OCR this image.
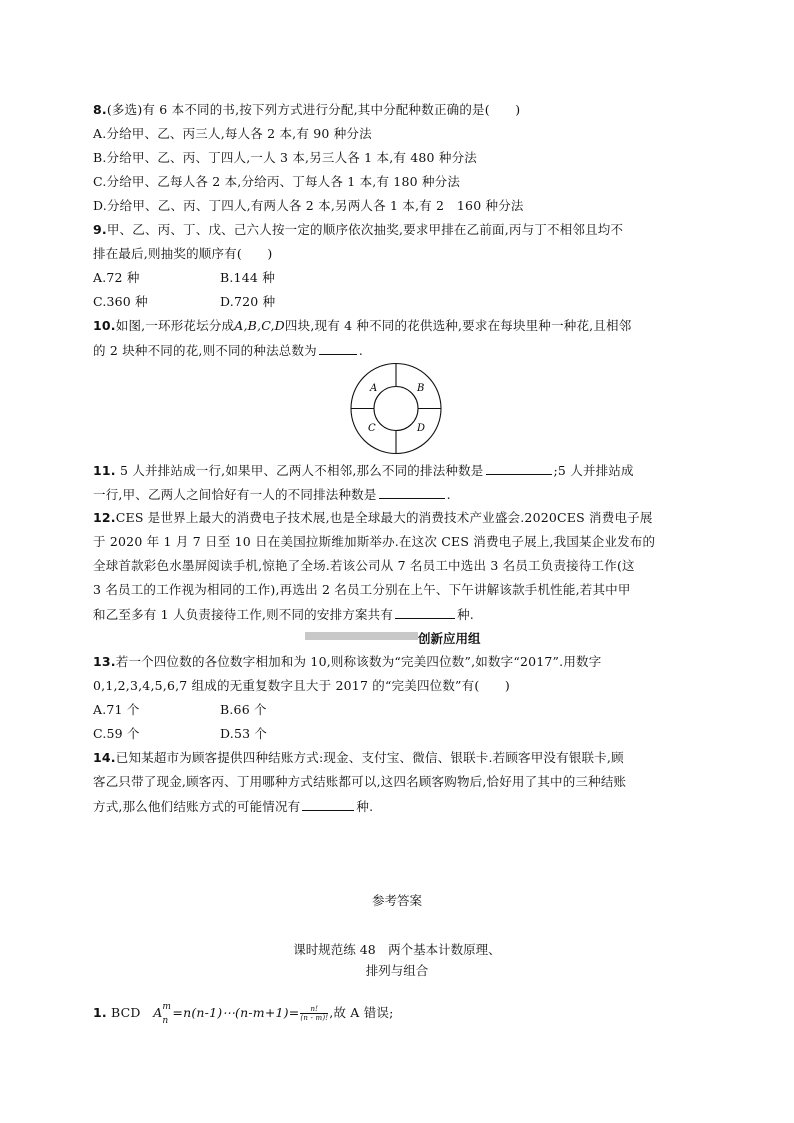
8.(多选)有 6 本不同的书,按下列方式进行分配,其中分配种数正确的是(　　)
A.分给甲、乙、丙三人,每人各 2 本,有 90 种分法
B.分给甲、乙、丙、丁四人,一人 3 本,另三人各 1 本,有 480 种分法
C.分给甲、乙每人各 2 本,分给丙、丁每人各 1 本,有 180 种分法
D.分给甲、乙、丙、丁四人,有两人各 2 本,另两人各 1 本,有 2　160 种分法
9.甲、乙、丙、丁、戊、己六人按一定的顺序依次抽奖,要求甲排在乙前面,丙与丁不相邻且均不
排在最后,则抽奖的顺序有(　　)
A.72 种	B.144 种
C.360 种	D.720 种
10.如图,一环形花坛分成A,B,C,D四块,现有 4 种不同的花供选种,要求在每块里种一种花,且相邻
的 2 块种不同的花,则不同的种法总数为	.
A	B
C	D
11. 5 人并排站成一行,如果甲、乙两人不相邻,那么不同的排法种数是	;5 人并排站成
一行,甲、乙两人之间恰好有一人的不同排法种数是	.
12.CES 是世界上最大的消费电子技术展,也是全球最大的消费技术产业盛会.2020CES 消费电子展
于 2020 年 1 月 7 日至 10 日在美国拉斯维加斯举办.在这次 CES 消费电子展上,我国某企业发布的
全球首款彩色水墨屏阅读手机,惊艳了全场.若该公司从 7 名员工中选出 3 名员工负责接待工作(这
3 名员工的工作视为相同的工作),再选出 2 名员工分别在上午、下午讲解该款手机性能,若其中甲
和乙至多有 1 人负责接待工作,则不同的安排方案共有	种.
创新应用组
13.若一个四位数的各位数字相加和为 10,则称该数为“完美四位数”,如数字“2017”.用数字
0,1,2,3,4,5,6,7 组成的无重复数字且大于 2017 的“完美四位数”有(　　)
A.71 个	B.66 个
C.59 个	D.53 个
14.已知某超市为顾客提供四种结账方式:现金、支付宝、微信、银联卡.若顾客甲没有银联卡,顾
客乙只带了现金,顾客丙、丁用哪种方式结账都可以,这四名顾客购物后,恰好用了其中的三种结账
方式,那么他们结账方式的可能情况有	种.
参考答案
课时规范练 48　两个基本计数原理、
排列与组合
1. BCD A m
n
=n(n-1)⋯(n-m+1)= $\frac{n!}{(n - m)!}$ ,故 A 错误;
